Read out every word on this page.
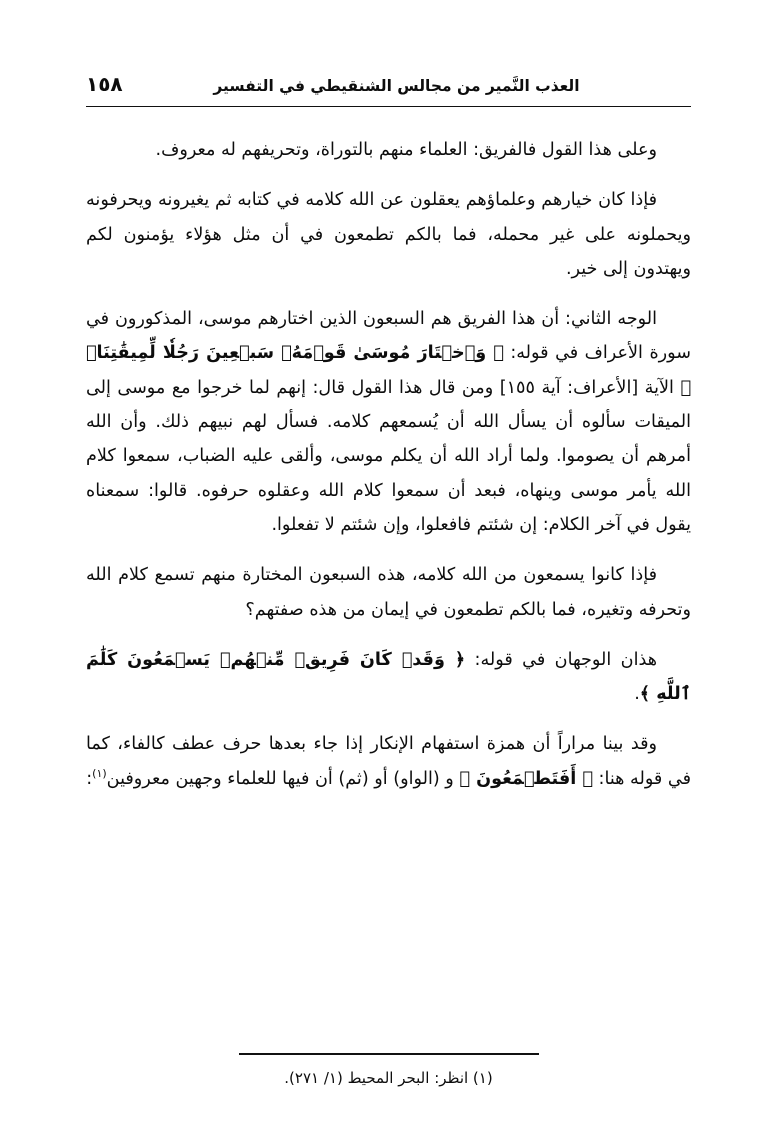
العذب النَّمير من مجالس الشنقيطي في التفسير
١٥٨

وعلى هذا القول فالفريق: العلماء منهم بالتوراة، وتحريفهم له معروف.

فإذا كان خيارهم وعلماؤهم يعقلون عن الله كلامه في كتابه ثم يغيرونه ويحرفونه ويحملونه على غير محمله، فما بالكم تطمعون في أن مثل هؤلاء يؤمنون لكم ويهتدون إلى خير.

الوجه الثاني: أن هذا الفريق هم السبعون الذين اختارهم موسى، المذكورون في سورة الأعراف في قوله: ﴿ وَٱخۡتَارَ مُوسَىٰ قَوۡمَهُۥ سَبۡعِينَ رَجُلٗا لِّمِيقَٰتِنَاۖ ﴾ الآية [الأعراف: آية ١٥٥] ومن قال هذا القول قال: إنهم لما خرجوا مع موسى إلى الميقات سألوه أن يسأل الله أن يُسمعهم كلامه. فسأل لهم نبيهم ذلك. وأن الله أمرهم أن يصوموا. ولما أراد الله أن يكلم موسى، وألقى عليه الضباب، سمعوا كلام الله يأمر موسى وينهاه، فبعد أن سمعوا كلام الله وعقلوه حرفوه. قالوا: سمعناه يقول في آخر الكلام: إن شئتم فافعلوا، وإن شئتم لا تفعلوا.

فإذا كانوا يسمعون من الله كلامه، هذه السبعون المختارة منهم تسمع كلام الله وتحرفه وتغيره، فما بالكم تطمعون في إيمان من هذه صفتهم؟

هذان الوجهان في قوله: ﴿ وَقَدۡ كَانَ فَرِيقٞ مِّنۡهُمۡ يَسۡمَعُونَ كَلَٰمَ ٱللَّهِ ﴾.

وقد بينا مراراً أن همزة استفهام الإنكار إذا جاء بعدها حرف عطف كالفاء، كما في قوله هنا: ﴿ أَفَتَطۡمَعُونَ ﴾ و (الواو) أو (ثم) أن فيها للعلماء وجهين معروفين$^{(١)}$:

(١) انظر: البحر المحيط (١/ ٢٧١).
